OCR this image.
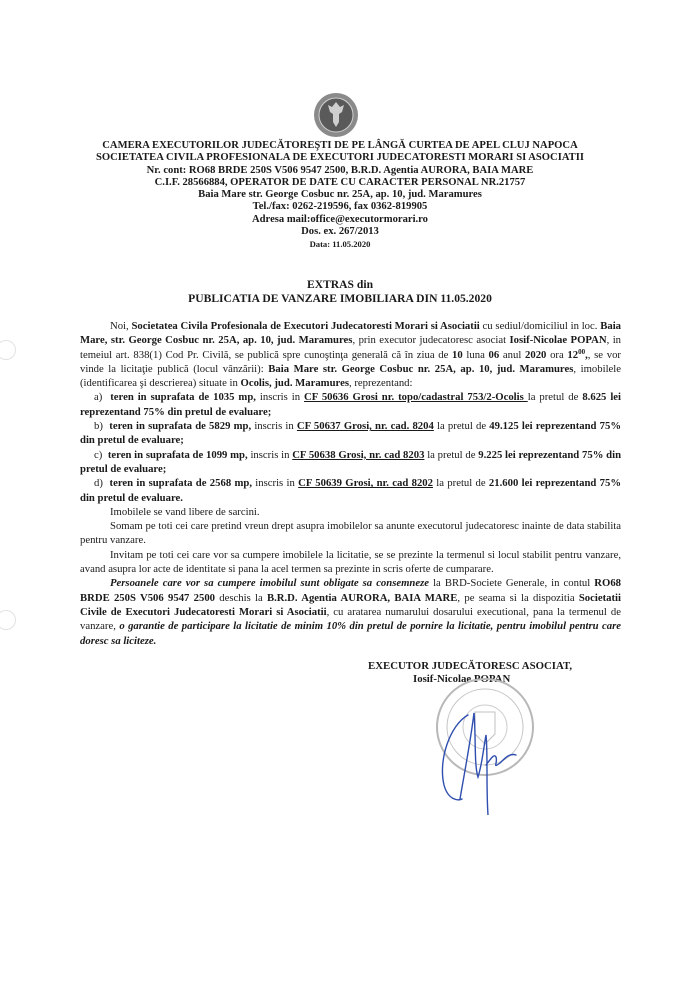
CAMERA EXECUTORILOR JUDECĂTOREŞTI DE PE LÂNGĂ CURTEA DE APEL CLUJ NAPOCA
SOCIETATEA CIVILA PROFESIONALA DE EXECUTORI JUDECATORESTI MORARI SI ASOCIATII
Nr. cont: RO68 BRDE 250S V506 9547 2500, B.R.D. Agentia AURORA, BAIA MARE
C.I.F. 28566884, OPERATOR DE DATE CU CARACTER PERSONAL NR.21757
Baia Mare str. George Cosbuc nr. 25A, ap. 10, jud. Maramures
Tel./fax: 0262-219596, fax 0362-819905
Adresa mail:office@executormorari.ro
Dos. ex. 267/2013
Data: 11.05.2020
EXTRAS din
PUBLICATIA DE VANZARE IMOBILIARA DIN 11.05.2020

Noi, Societatea Civila Profesionala de Executori Judecatoresti Morari si Asociatii cu sediul/domiciliul in loc. Baia Mare, str. George Cosbuc nr. 25A, ap. 10, jud. Maramures, prin executor judecatoresc asociat Iosif-Nicolae POPAN, in temeiul art. 838(1) Cod Pr. Civilă, se publică spre cunoştinţa generală că în ziua de 10 luna 06 anul 2020 ora $12^{00}$,, se vor vinde la licitaţie publică (locul vânzării): Baia Mare str. George Cosbuc nr. 25A, ap. 10, jud. Maramures, imobilele (identificarea şi descrierea) situate in Ocolis, jud. Maramures, reprezentand:

a) teren in suprafata de 1035 mp, inscris in CF 50636 Grosi nr. topo/cadastral 753/2-Ocolis la pretul de 8.625 lei reprezentand 75% din pretul de evaluare;

b) teren in suprafata de 5829 mp, inscris in CF 50637 Grosi, nr. cad. 8204 la pretul de 49.125 lei reprezentand 75% din pretul de evaluare;

c) teren in suprafata de 1099 mp, inscris in CF 50638 Grosi, nr. cad 8203 la pretul de 9.225 lei reprezentand 75% din pretul de evaluare;

d) teren in suprafata de 2568 mp, inscris in CF 50639 Grosi, nr. cad 8202 la pretul de 21.600 lei reprezentand 75% din pretul de evaluare.

Imobilele se vand libere de sarcini.

Somam pe toti cei care pretind vreun drept asupra imobilelor sa anunte executorul judecatoresc inainte de data stabilita pentru vanzare.

Invitam pe toti cei care vor sa cumpere imobilele la licitatie, se se prezinte la termenul si locul stabilit pentru vanzare, avand asupra lor acte de identitate si pana la acel termen sa prezinte in scris oferte de cumparare.

Persoanele care vor sa cumpere imobilul sunt obligate sa consemneze la BRD-Societe Generale, in contul RO68 BRDE 250S V506 9547 2500 deschis la B.R.D. Agentia AURORA, BAIA MARE, pe seama si la dispozitia Societatii Civile de Executori Judecatoresti Morari si Asociatii, cu aratarea numarului dosarului executional, pana la termenul de vanzare, o garantie de participare la licitatie de minim 10% din pretul de pornire la licitatie, pentru imobilul pentru care doresc sa liciteze.

EXECUTOR JUDECĂTORESC ASOCIAT,
Iosif-Nicolae POPAN
